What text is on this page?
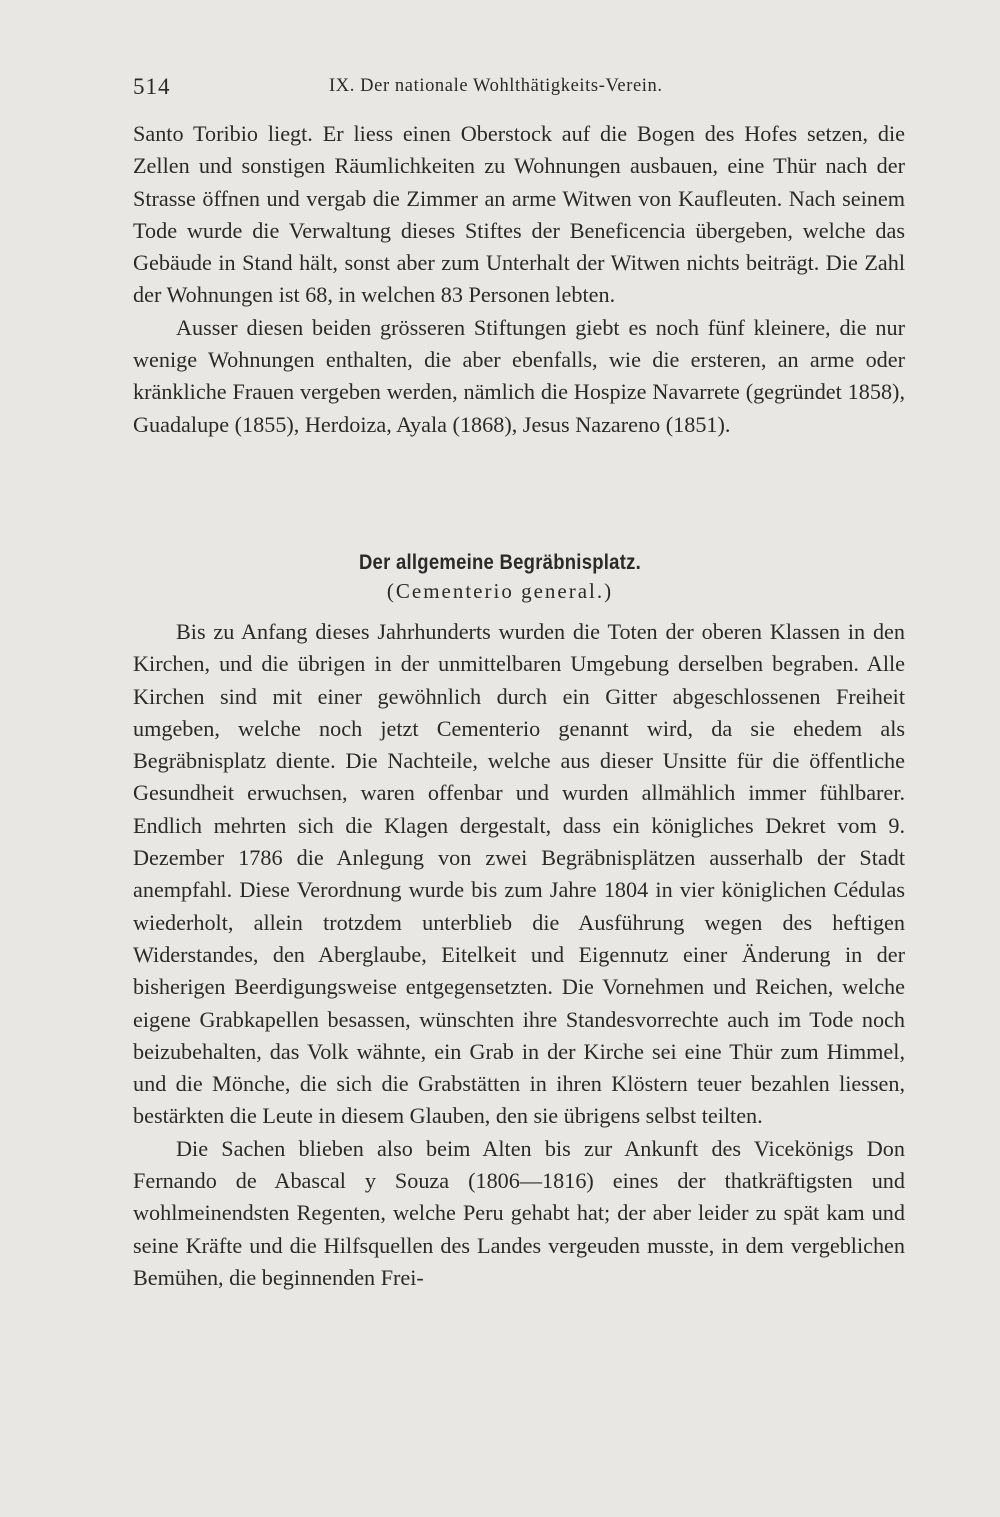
514	IX. Der nationale Wohlthätigkeits-Verein.

Santo Toribio liegt. Er liess einen Oberstock auf die Bogen des Hofes setzen, die Zellen und sonstigen Räumlichkeiten zu Wohnungen ausbauen, eine Thür nach der Strasse öffnen und vergab die Zimmer an arme Witwen von Kaufleuten. Nach seinem Tode wurde die Verwaltung dieses Stiftes der Beneficencia übergeben, welche das Gebäude in Stand hält, sonst aber zum Unterhalt der Witwen nichts beiträgt. Die Zahl der Wohnungen ist 68, in welchen 83 Personen lebten.

Ausser diesen beiden grösseren Stiftungen giebt es noch fünf kleinere, die nur wenige Wohnungen enthalten, die aber ebenfalls, wie die ersteren, an arme oder kränkliche Frauen vergeben werden, nämlich die Hospize Navarrete (gegründet 1858), Guadalupe (1855), Herdoiza, Ayala (1868), Jesus Nazareno (1851).

Der allgemeine Begräbnisplatz.
(Cementerio general.)

Bis zu Anfang dieses Jahrhunderts wurden die Toten der oberen Klassen in den Kirchen, und die übrigen in der unmittelbaren Umgebung derselben begraben. Alle Kirchen sind mit einer gewöhnlich durch ein Gitter abgeschlossenen Freiheit umgeben, welche noch jetzt Cementerio genannt wird, da sie ehedem als Begräbnisplatz diente. Die Nachteile, welche aus dieser Unsitte für die öffentliche Gesundheit erwuchsen, waren offenbar und wurden allmählich immer fühlbarer. Endlich mehrten sich die Klagen dergestalt, dass ein königliches Dekret vom 9. Dezember 1786 die Anlegung von zwei Begräbnisplätzen ausserhalb der Stadt anempfahl. Diese Verordnung wurde bis zum Jahre 1804 in vier königlichen Cédulas wiederholt, allein trotzdem unterblieb die Ausführung wegen des heftigen Widerstandes, den Aberglaube, Eitelkeit und Eigennutz einer Änderung in der bisherigen Beerdigungsweise entgegensetzten. Die Vornehmen und Reichen, welche eigene Grabkapellen besassen, wünschten ihre Standesvorrechte auch im Tode noch beizubehalten, das Volk wähnte, ein Grab in der Kirche sei eine Thür zum Himmel, und die Mönche, die sich die Grabstätten in ihren Klöstern teuer bezahlen liessen, bestärkten die Leute in diesem Glauben, den sie übrigens selbst teilten.

Die Sachen blieben also beim Alten bis zur Ankunft des Vicekönigs Don Fernando de Abascal y Souza (1806—1816) eines der thatkräftigsten und wohlmeinendsten Regenten, welche Peru gehabt hat; der aber leider zu spät kam und seine Kräfte und die Hilfsquellen des Landes vergeuden musste, in dem vergeblichen Bemühen, die beginnenden Frei-
